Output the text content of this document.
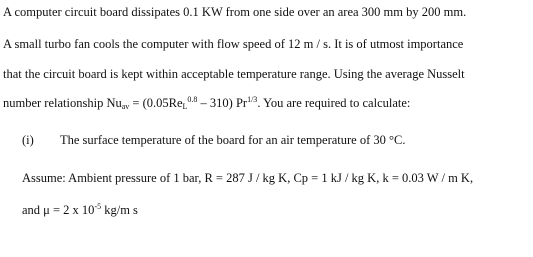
A computer circuit board dissipates 0.1 KW from one side over an area 300 mm by 200 mm.
A small turbo fan cools the computer with flow speed of 12 m / s. It is of utmost importance
that the circuit board is kept within acceptable temperature range. Using the average Nusselt
number relationship $Nu_{av} = (0.05Re_L^{0.8} - 310)$ $Pr^{1/3}$. You are required to calculate:
(i) The surface temperature of the board for an air temperature of 30 °C.
Assume: Ambient pressure of 1 bar, R = 287 J / kg K, Cp = 1 kJ / kg K, k = 0.03 W / m K,
and μ = 2 x $10^{-5}$ kg/m s
